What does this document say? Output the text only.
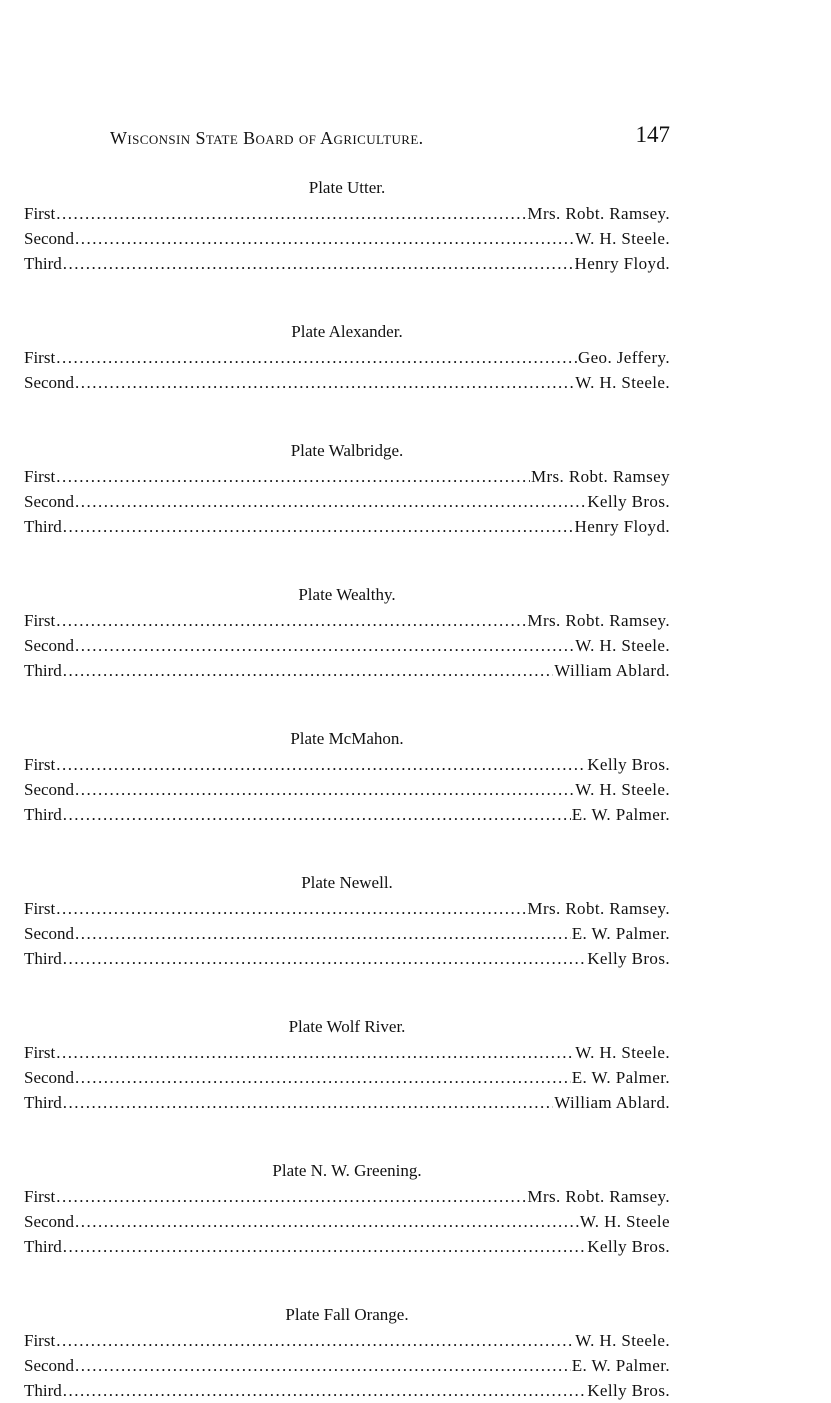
Wisconsin State Board of Agriculture.	147
Plate Utter.
First .....	Mrs. Robt. Ramsey.
Second .....	W. H. Steele.
Third .....	Henry Floyd.
Plate Alexander.
First .....	Geo. Jeffery.
Second .....	W. H. Steele.
Plate Walbridge.
First .....	Mrs. Robt. Ramsey
Second .....	Kelly Bros.
Third .....	Henry Floyd.
Plate Wealthy.
First .....	Mrs. Robt. Ramsey.
Second .....	W. H. Steele.
Third .....	William Ablard.
Plate McMahon.
First .....	Kelly Bros.
Second .....	W. H. Steele.
Third .....	E. W. Palmer.
Plate Newell.
First .....	Mrs. Robt. Ramsey.
Second .....	E. W. Palmer.
Third .....	Kelly Bros.
Plate Wolf River.
First .....	W. H. Steele.
Second .....	E. W. Palmer.
Third .....	William Ablard.
Plate N. W. Greening.
First .....	Mrs. Robt. Ramsey.
Second .....	W. H. Steele
Third .....	Kelly Bros.
Plate Fall Orange.
First .....	W. H. Steele.
Second .....	E. W. Palmer.
Third .....	Kelly Bros.
